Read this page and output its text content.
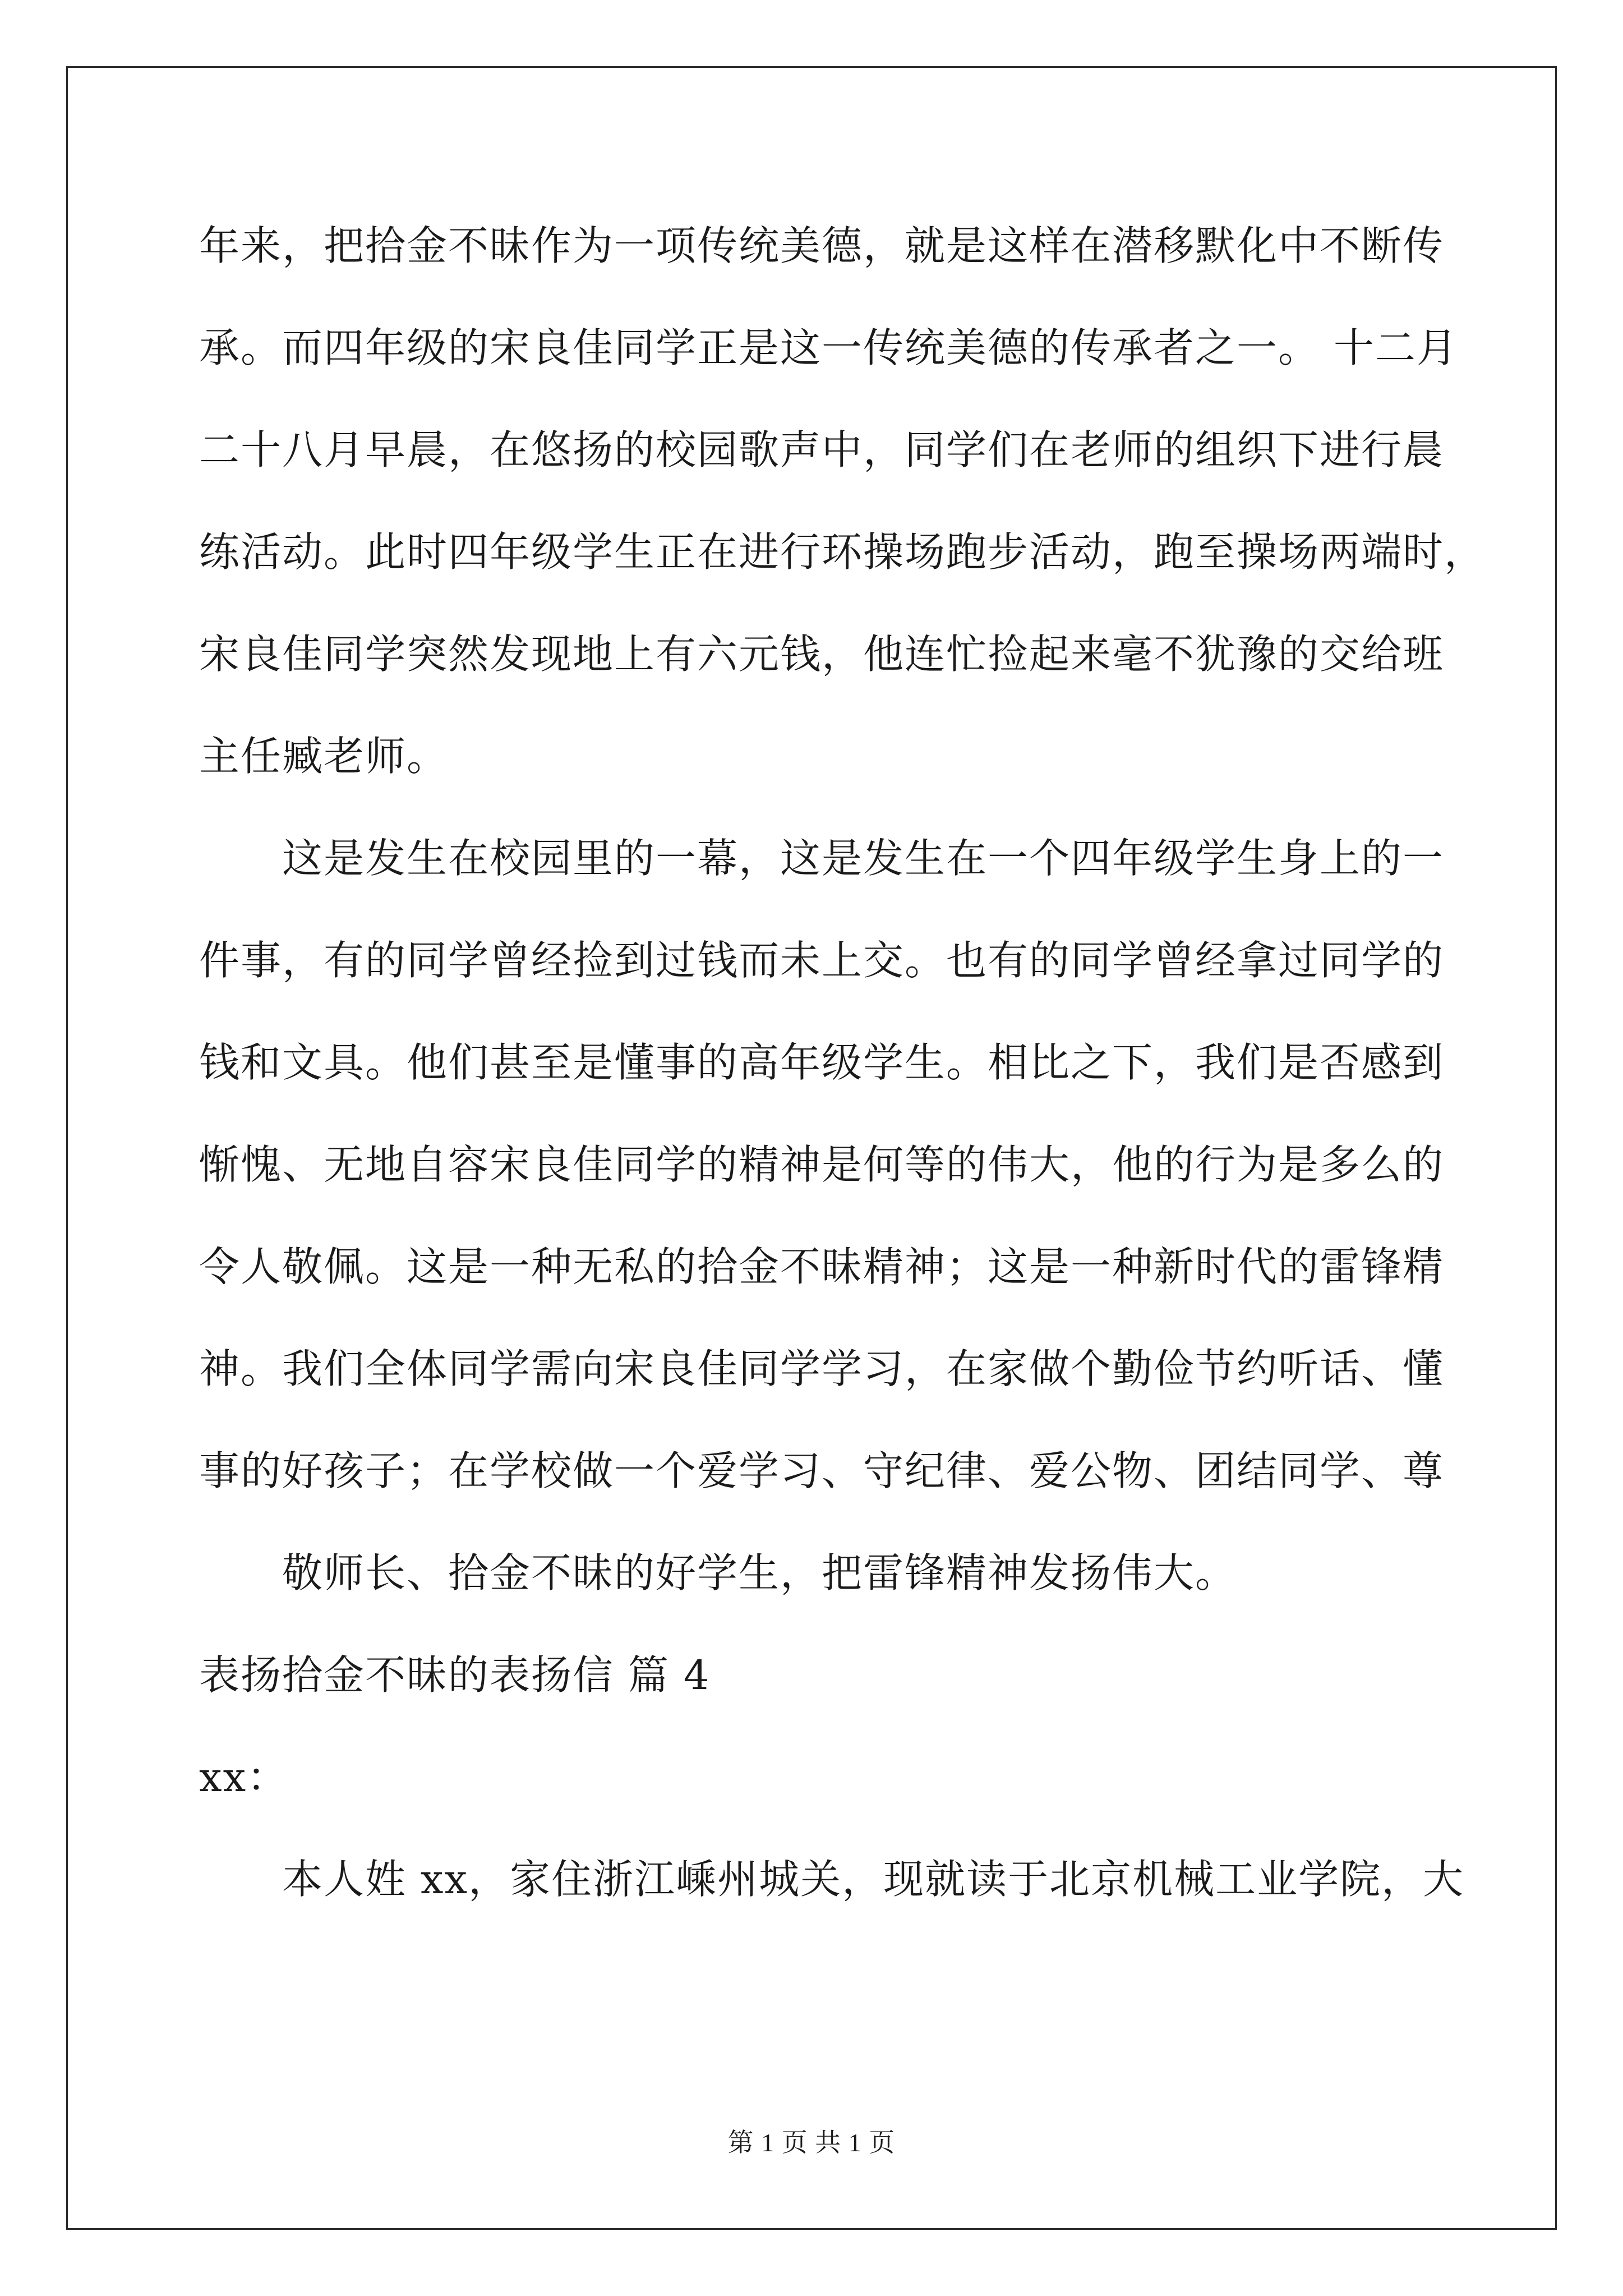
年来，把拾金不昧作为一项传统美德，就是这样在潜移默化中不断传
承。而四年级的宋良佳同学正是这一传统美德的传承者之一。 十二月
二十八月早晨，在悠扬的校园歌声中，同学们在老师的组织下进行晨
练活动。此时四年级学生正在进行环操场跑步活动，跑至操场两端时，
宋良佳同学突然发现地上有六元钱，他连忙捡起来毫不犹豫的交给班
主任臧老师。
这是发生在校园里的一幕，这是发生在一个四年级学生身上的一
件事，有的同学曾经捡到过钱而未上交。也有的同学曾经拿过同学的
钱和文具。他们甚至是懂事的高年级学生。相比之下，我们是否感到
惭愧、无地自容宋良佳同学的精神是何等的伟大，他的行为是多么的
令人敬佩。这是一种无私的拾金不昧精神；这是一种新时代的雷锋精
神。我们全体同学需向宋良佳同学学习，在家做个勤俭节约听话、懂
事的好孩子；在学校做一个爱学习、守纪律、爱公物、团结同学、尊
敬师长、拾金不昧的好学生，把雷锋精神发扬伟大。
表扬拾金不昧的表扬信 篇 4
xx：
本人姓 xx，家住浙江嵊州城关，现就读于北京机械工业学院，大
第 1 页 共 1 页
